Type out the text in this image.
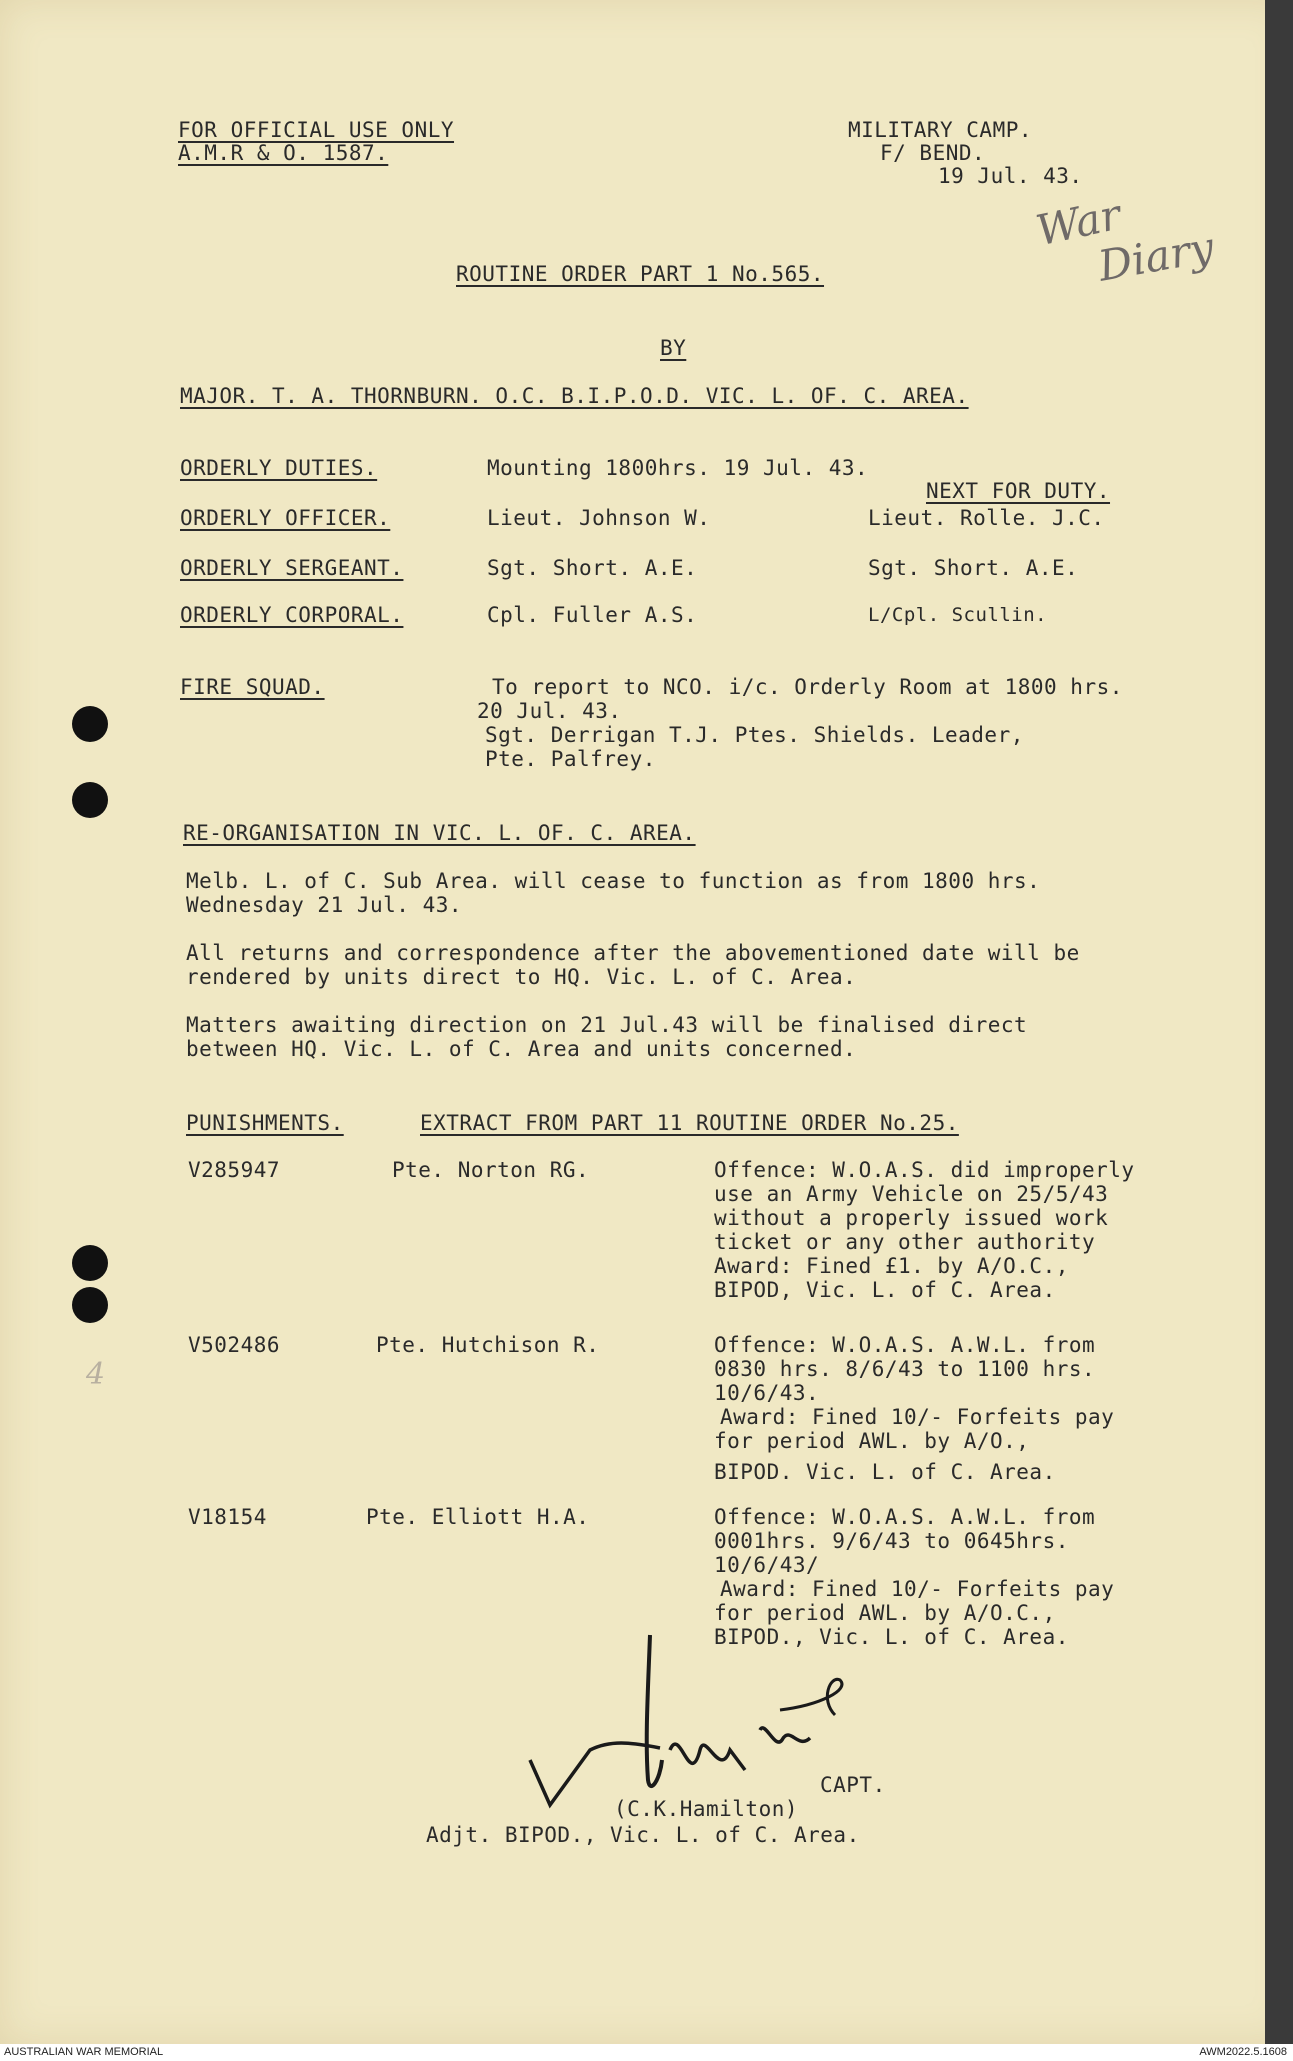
FOR OFFICIAL USE ONLY
A.M.R & O. 1587.
MILITARY CAMP.
F/ BEND.
19 Jul. 43.
War
Diary
ROUTINE ORDER PART 1 No.565.
BY
MAJOR. T. A. THORNBURN. O.C. B.I.P.O.D. VIC. L. OF. C. AREA.
NEXT FOR DUTY.
ORDERLY DUTIES.	Mounting 1800hrs. 19 Jul. 43.
ORDERLY OFFICER.	Lieut. Johnson W.	Lieut. Rolle. J.C.
ORDERLY SERGEANT.	Sgt. Short. A.E.	Sgt. Short. A.E.
ORDERLY CORPORAL.	Cpl. Fuller A.S.	L/Cpl. Scullin.
FIRE SQUAD.	To report to NCO. i/c. Orderly Room at 1800 hrs.
20 Jul. 43.
Sgt. Derrigan T.J. Ptes. Shields. Leader,
Pte. Palfrey.
RE-ORGANISATION IN VIC. L. OF. C. AREA.
Melb. L. of C. Sub Area. will cease to function as from 1800 hrs.
Wednesday 21 Jul. 43.
All returns and correspondence after the abovementioned date will be
rendered by units direct to HQ. Vic. L. of C. Area.
Matters awaiting direction on 21 Jul.43 will be finalised direct
between HQ. Vic. L. of C. Area and units concerned.
PUNISHMENTS.	EXTRACT FROM PART 11 ROUTINE ORDER No.25.
V285947	Pte. Norton RG.	Offence: W.O.A.S. did improperly
use an Army Vehicle on 25/5/43
without a properly issued work
ticket or any other authority
Award: Fined £1. by A/O.C.,
BIPOD, Vic. L. of C. Area.
V502486	Pte. Hutchison R.	Offence: W.O.A.S. A.W.L. from
0830 hrs. 8/6/43 to 1100 hrs.
10/6/43.
Award: Fined 10/- Forfeits pay
for period AWL. by A/O.,
BIPOD. Vic. L. of C. Area.
V18154	Pte. Elliott H.A.	Offence: W.O.A.S. A.W.L. from
0001hrs. 9/6/43 to 0645hrs.
10/6/43/
Award: Fined 10/- Forfeits pay
for period AWL. by A/O.C.,
BIPOD., Vic. L. of C. Area.
4
CAPT.
(C.K.Hamilton)
Adjt. BIPOD., Vic. L. of C. Area.
AUSTRALIAN WAR MEMORIAL	AWM2022.5.1608
